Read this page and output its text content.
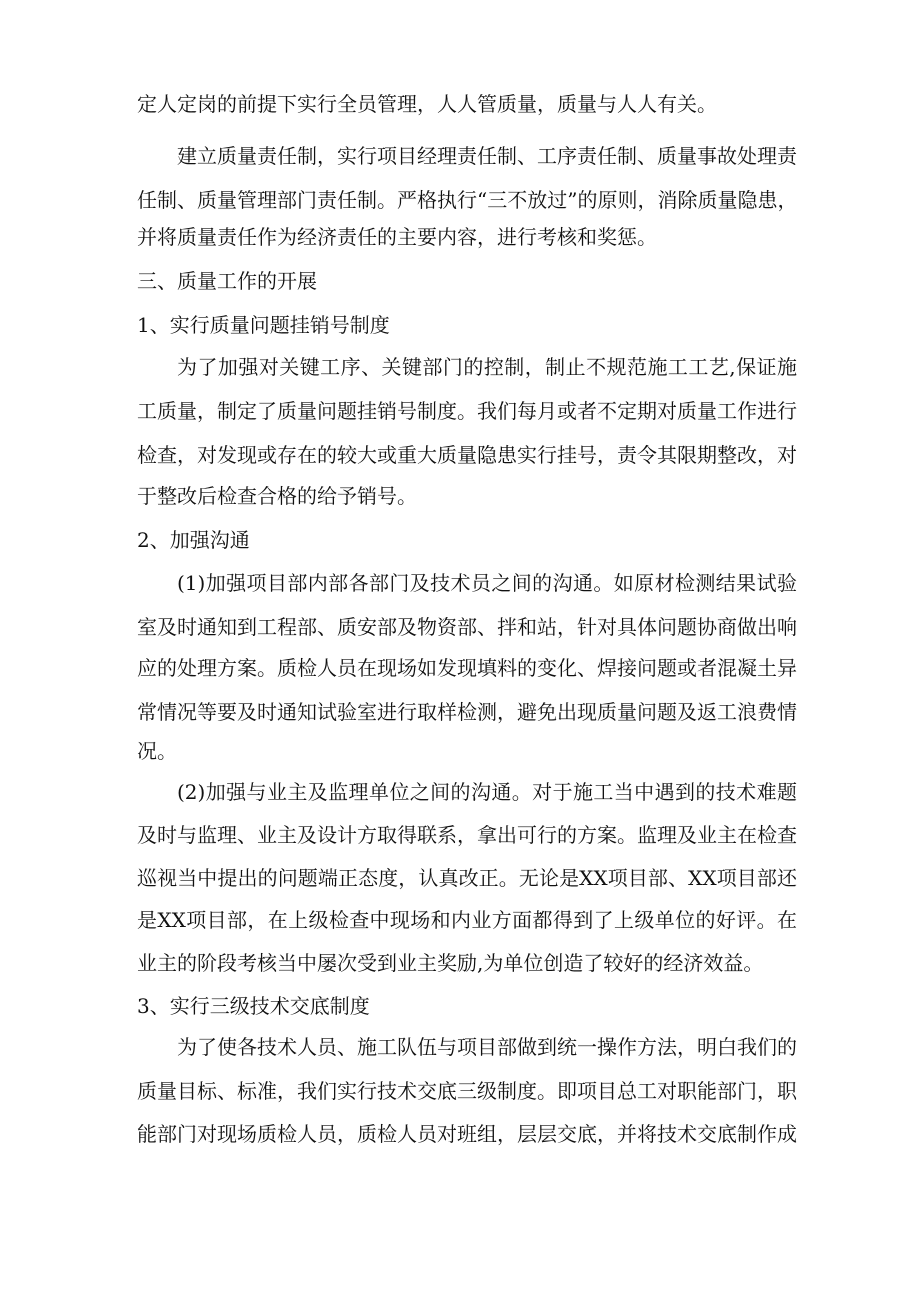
定人定岗的前提下实行全员管理，人人管质量，质量与人人有关。
建立质量责任制，实行项目经理责任制、工序责任制、质量事故处理责
任制、质量管理部门责任制。严格执行“三不放过”的原则，消除质量隐患，
并将质量责任作为经济责任的主要内容，进行考核和奖惩。
三、质量工作的开展
1、实行质量问题挂销号制度
为了加强对关键工序、关键部门的控制，制止不规范施工工艺,保证施
工质量，制定了质量问题挂销号制度。我们每月或者不定期对质量工作进行
检查，对发现或存在的较大或重大质量隐患实行挂号，责令其限期整改，对
于整改后检查合格的给予销号。
2、加强沟通
(1)加强项目部内部各部门及技术员之间的沟通。如原材检测结果试验
室及时通知到工程部、质安部及物资部、拌和站，针对具体问题协商做出响
应的处理方案。质检人员在现场如发现填料的变化、焊接问题或者混凝土异
常情况等要及时通知试验室进行取样检测，避免出现质量问题及返工浪费情
况。
(2)加强与业主及监理单位之间的沟通。对于施工当中遇到的技术难题
及时与监理、业主及设计方取得联系，拿出可行的方案。监理及业主在检查
巡视当中提出的问题端正态度，认真改正。无论是XX项目部、XX项目部还
是XX项目部，在上级检查中现场和内业方面都得到了上级单位的好评。在
业主的阶段考核当中屡次受到业主奖励,为单位创造了较好的经济效益。
3、实行三级技术交底制度
为了使各技术人员、施工队伍与项目部做到统一操作方法，明白我们的
质量目标、标准，我们实行技术交底三级制度。即项目总工对职能部门，职
能部门对现场质检人员，质检人员对班组，层层交底，并将技术交底制作成
